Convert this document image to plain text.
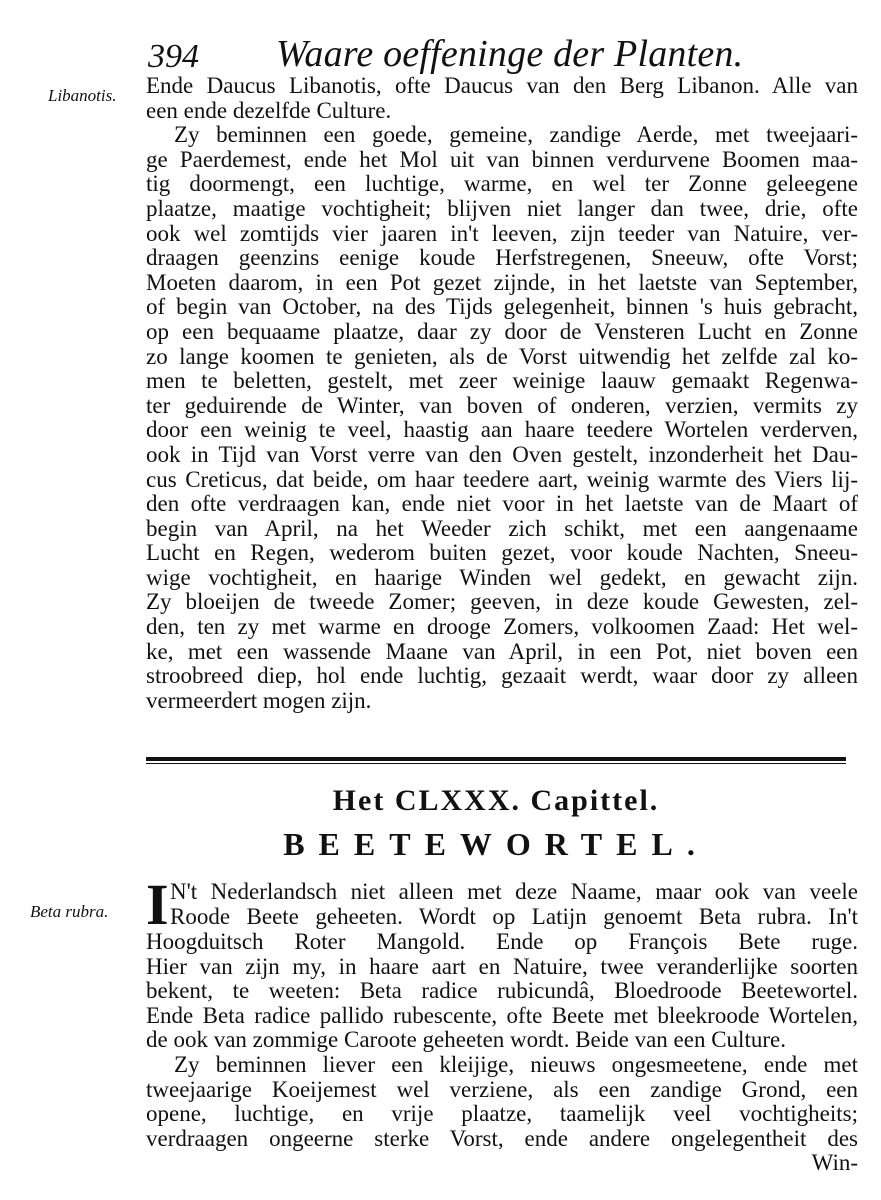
394 Waare oeffeninge der Planten.
Libanotis. Ende Daucus Libanotis, ofte Daucus van den Berg Libanon. Alle van
een ende dezelfde Culture.
Zy beminnen een goede, gemeine, zandige Aerde, met tweejaari-
ge Paerdemest, ende het Mol uit van binnen verdurvene Boomen maa-
tig doormengt, een luchtige, warme, en wel ter Zonne geleegene
plaatze, maatige vochtigheit; blijven niet langer dan twee, drie, ofte
ook wel zomtijds vier jaaren in't leeven, zijn teeder van Natuire, ver-
draagen geenzins eenige koude Herfstregenen, Sneeuw, ofte Vorst;
Moeten daarom, in een Pot gezet zijnde, in het laetste van September,
of begin van October, na des Tijds gelegenheit, binnen 's huis gebracht,
op een bequaame plaatze, daar zy door de Vensteren Lucht en Zonne
zo lange koomen te genieten, als de Vorst uitwendig het zelfde zal ko-
men te beletten, gestelt, met zeer weinige laauw gemaakt Regenwa-
ter geduirende de Winter, van boven of onderen, verzien, vermits zy
door een weinig te veel, haastig aan haare teedere Wortelen verderven,
ook in Tijd van Vorst verre van den Oven gestelt, inzonderheit het Dau-
cus Creticus, dat beide, om haar teedere aart, weinig warmte des Viers lij-
den ofte verdraagen kan, ende niet voor in het laetste van de Maart of
begin van April, na het Weeder zich schikt, met een aangenaame
Lucht en Regen, wederom buiten gezet, voor koude Nachten, Sneeu-
wige vochtigheit, en haarige Winden wel gedekt, en gewacht zijn.
Zy bloeijen de tweede Zomer; geeven, in deze koude Gewesten, zel-
den, ten zy met warme en drooge Zomers, volkoomen Zaad: Het wel-
ke, met een wassende Maane van April, in een Pot, niet boven een
stroobreed diep, hol ende luchtig, gezaait werdt, waar door zy alleen
vermeerdert mogen zijn.
Het CLXXX. Capittel.
BEETEWORTEL.
Beta rubra. I N't Nederlandsch niet alleen met deze Naame, maar ook van veele
Roode Beete geheeten. Wordt op Latijn genoemt Beta rubra. In't
Hoogduitsch Roter Mangold. Ende op François Bete ruge.
Hier van zijn my, in haare aart en Natuire, twee veranderlijke soorten
bekent, te weeten: Beta radice rubicundâ, Bloedroode Beetewortel.
Ende Beta radice pallido rubescente, ofte Beete met bleekroode Wortelen,
de ook van zommige Caroote geheeten wordt. Beide van een Culture.
Zy beminnen liever een kleijige, nieuws ongesmeetene, ende met
tweejaarige Koeijemest wel verziene, als een zandige Grond, een
opene, luchtige, en vrije plaatze, taamelijk veel vochtigheits;
verdraagen ongeerne sterke Vorst, ende andere ongelegentheit des
Win-
